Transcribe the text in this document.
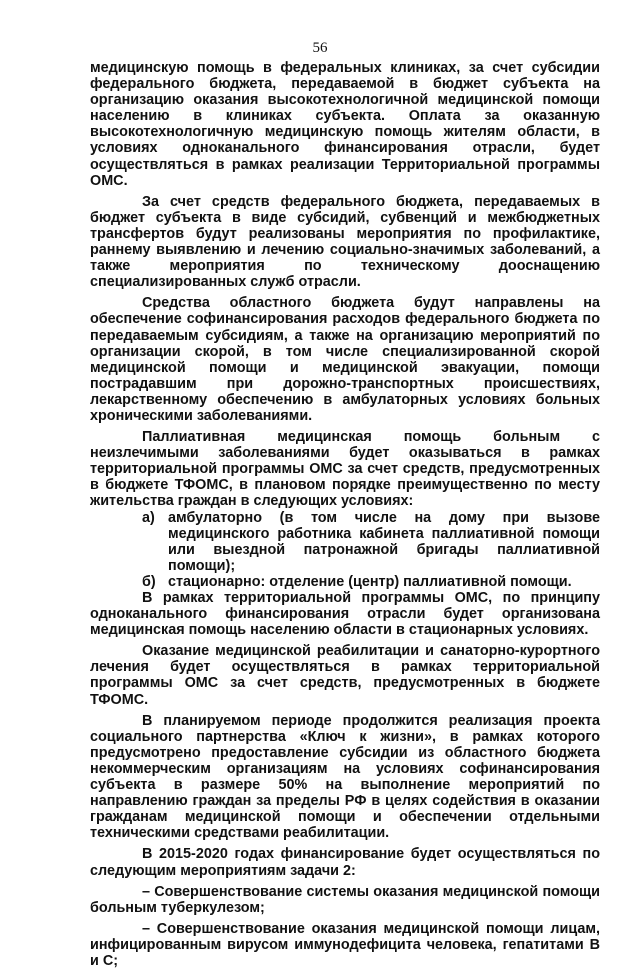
56

медицинскую помощь в федеральных клиниках, за счет субсидии федерального бюджета, передаваемой в бюджет субъекта на организацию оказания высокотехнологичной медицинской помощи населению в клиниках субъекта. Оплата за оказанную высокотехнологичную медицинскую помощь жителям области, в условиях одноканального финансирования отрасли, будет осуществляться в рамках реализации Территориальной программы ОМС.

За счет средств федерального бюджета, передаваемых в бюджет субъекта в виде субсидий, субвенций и межбюджетных трансфертов будут реализованы мероприятия по профилактике, раннему выявлению и лечению социально-значимых заболеваний, а также мероприятия по техническому дооснащению специализированных служб отрасли.

Средства областного бюджета будут направлены на обеспечение софинансирования расходов федерального бюджета по передаваемым субсидиям, а также на организацию мероприятий по организации скорой, в том числе специализированной скорой медицинской помощи и медицинской эвакуации, помощи пострадавшим при дорожно-транспортных происшествиях, лекарственному обеспечению в амбулаторных условиях больных хроническими заболеваниями.

Паллиативная медицинская помощь больным с неизлечимыми заболеваниями будет оказываться в рамках территориальной программы ОМС за счет средств, предусмотренных в бюджете ТФОМС, в плановом порядке преимущественно по месту жительства граждан в следующих условиях:

а) амбулаторно (в том числе на дому при вызове медицинского работника кабинета паллиативной помощи или выездной патронажной бригады паллиативной помощи);
б) стационарно: отделение (центр) паллиативной помощи.

В рамках территориальной программы ОМС, по принципу одноканального финансирования отрасли будет организована медицинская помощь населению области в стационарных условиях.

Оказание медицинской реабилитации и санаторно-курортного лечения будет осуществляться в рамках территориальной программы ОМС за счет средств, предусмотренных в бюджете ТФОМС.

В планируемом периоде продолжится реализация проекта социального партнерства «Ключ к жизни», в рамках которого предусмотрено предоставление субсидии из областного бюджета некоммерческим организациям на условиях софинансирования субъекта в размере 50% на выполнение мероприятий по направлению граждан за пределы РФ в целях содействия в оказании гражданам медицинской помощи и обеспечении отдельными техническими средствами реабилитации.

В 2015-2020 годах финансирование будет осуществляться по следующим мероприятиям задачи 2:

– Совершенствование системы оказания медицинской помощи больным туберкулезом;

– Совершенствование оказания медицинской помощи лицам, инфицированным вирусом иммунодефицита человека, гепатитами В и С;
